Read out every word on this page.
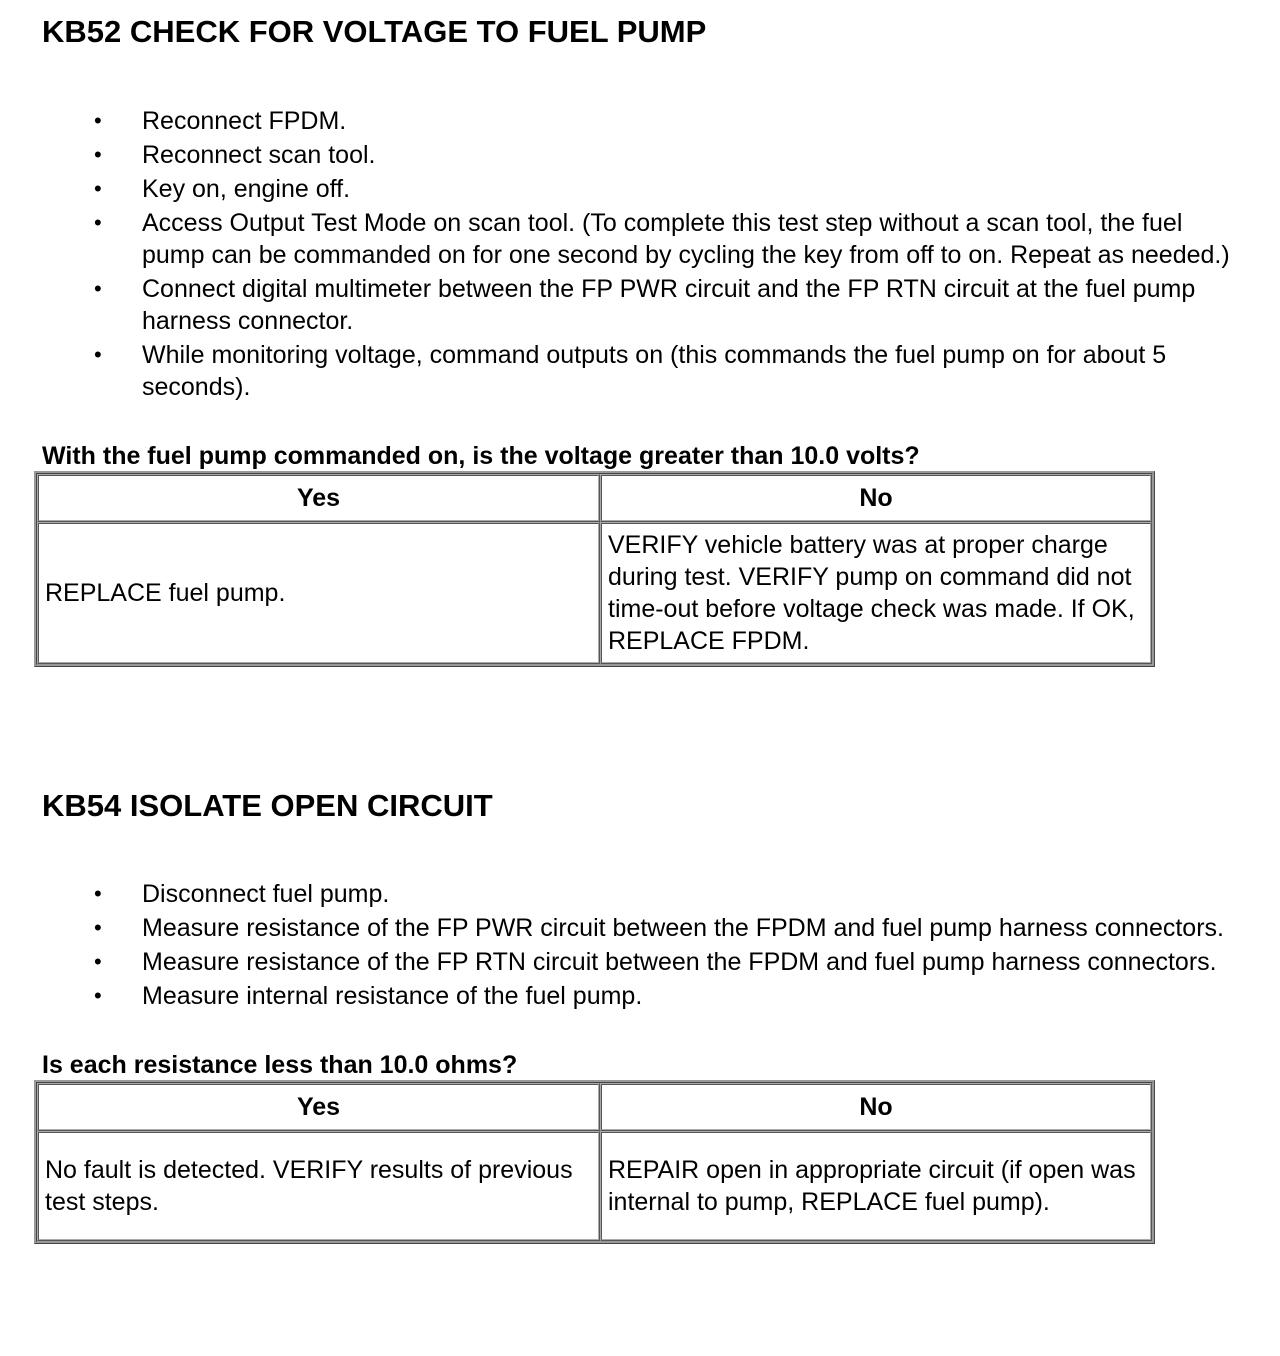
KB52 CHECK FOR VOLTAGE TO FUEL PUMP
• Reconnect FPDM.
• Reconnect scan tool.
• Key on, engine off.
• Access Output Test Mode on scan tool. (To complete this test step without a scan tool, the fuel pump can be commanded on for one second by cycling the key from off to on. Repeat as needed.)
• Connect digital multimeter between the FP PWR circuit and the FP RTN circuit at the fuel pump harness connector.
• While monitoring voltage, command outputs on (this commands the fuel pump on for about 5 seconds).

With the fuel pump commanded on, is the voltage greater than 10.0 volts?

Yes	No
REPLACE fuel pump.	VERIFY vehicle battery was at proper charge during test. VERIFY pump on command did not time-out before voltage check was made. If OK, REPLACE FPDM.
KB54 ISOLATE OPEN CIRCUIT
• Disconnect fuel pump.
• Measure resistance of the FP PWR circuit between the FPDM and fuel pump harness connectors.
• Measure resistance of the FP RTN circuit between the FPDM and fuel pump harness connectors.
• Measure internal resistance of the fuel pump.

Is each resistance less than 10.0 ohms?

Yes	No
No fault is detected. VERIFY results of previous test steps.	REPAIR open in appropriate circuit (if open was internal to pump, REPLACE fuel pump).
